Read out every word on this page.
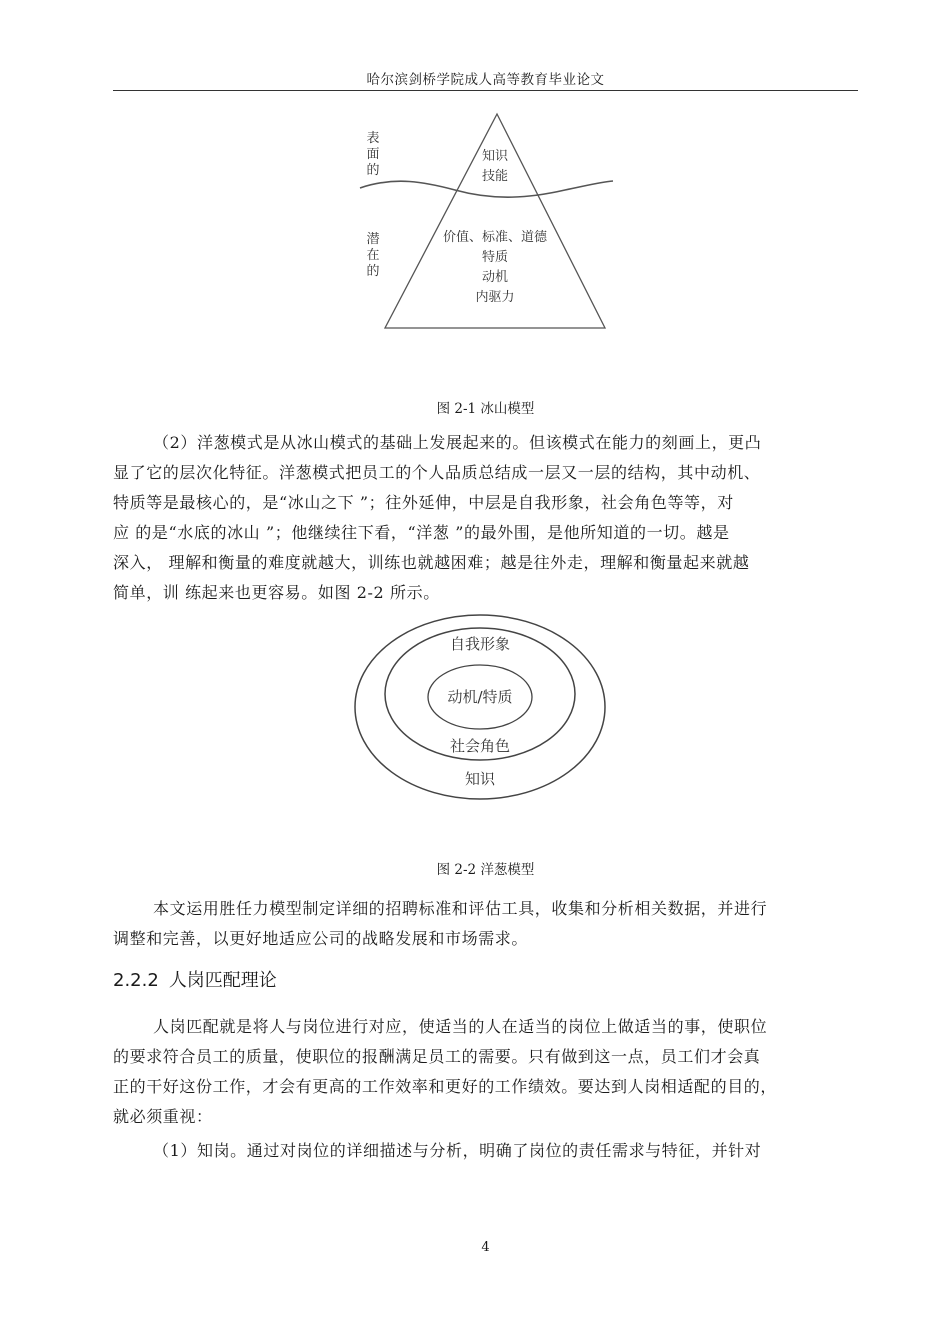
哈尔滨剑桥学院成人高等教育毕业论文
表
面
的
潜
在
的
知识
技能
价值、标准、道德
特质
动机
内驱力
图 2-1 冰山模型
（2）洋葱模式是从冰山模式的基础上发展起来的。但该模式在能力的刻画上，更凸
显了它的层次化特征。洋葱模式把员工的个人品质总结成一层又一层的结构，其中动机、
特质等是最核心的，是“冰山之下 ”；往外延伸，中层是自我形象，社会角色等等，对
应 的是“水底的冰山 ”；他继续往下看，“洋葱 ”的最外围，是他所知道的一切。越是
深入， 理解和衡量的难度就越大，训练也就越困难；越是往外走，理解和衡量起来就越
简单，训 练起来也更容易。如图 2-2 所示。
自我形象
动机/特质
社会角色
知识
图 2-2 洋葱模型
本文运用胜任力模型制定详细的招聘标准和评估工具，收集和分析相关数据，并进行
调整和完善，以更好地适应公司的战略发展和市场需求。
2.2.2 人岗匹配理论
人岗匹配就是将人与岗位进行对应，使适当的人在适当的岗位上做适当的事，使职位
的要求符合员工的质量，使职位的报酬满足员工的需要。只有做到这一点，员工们才会真
正的干好这份工作，才会有更高的工作效率和更好的工作绩效。要达到人岗相适配的目的，
就必须重视：
（1）知岗。通过对岗位的详细描述与分析，明确了岗位的责任需求与特征，并针对
4
